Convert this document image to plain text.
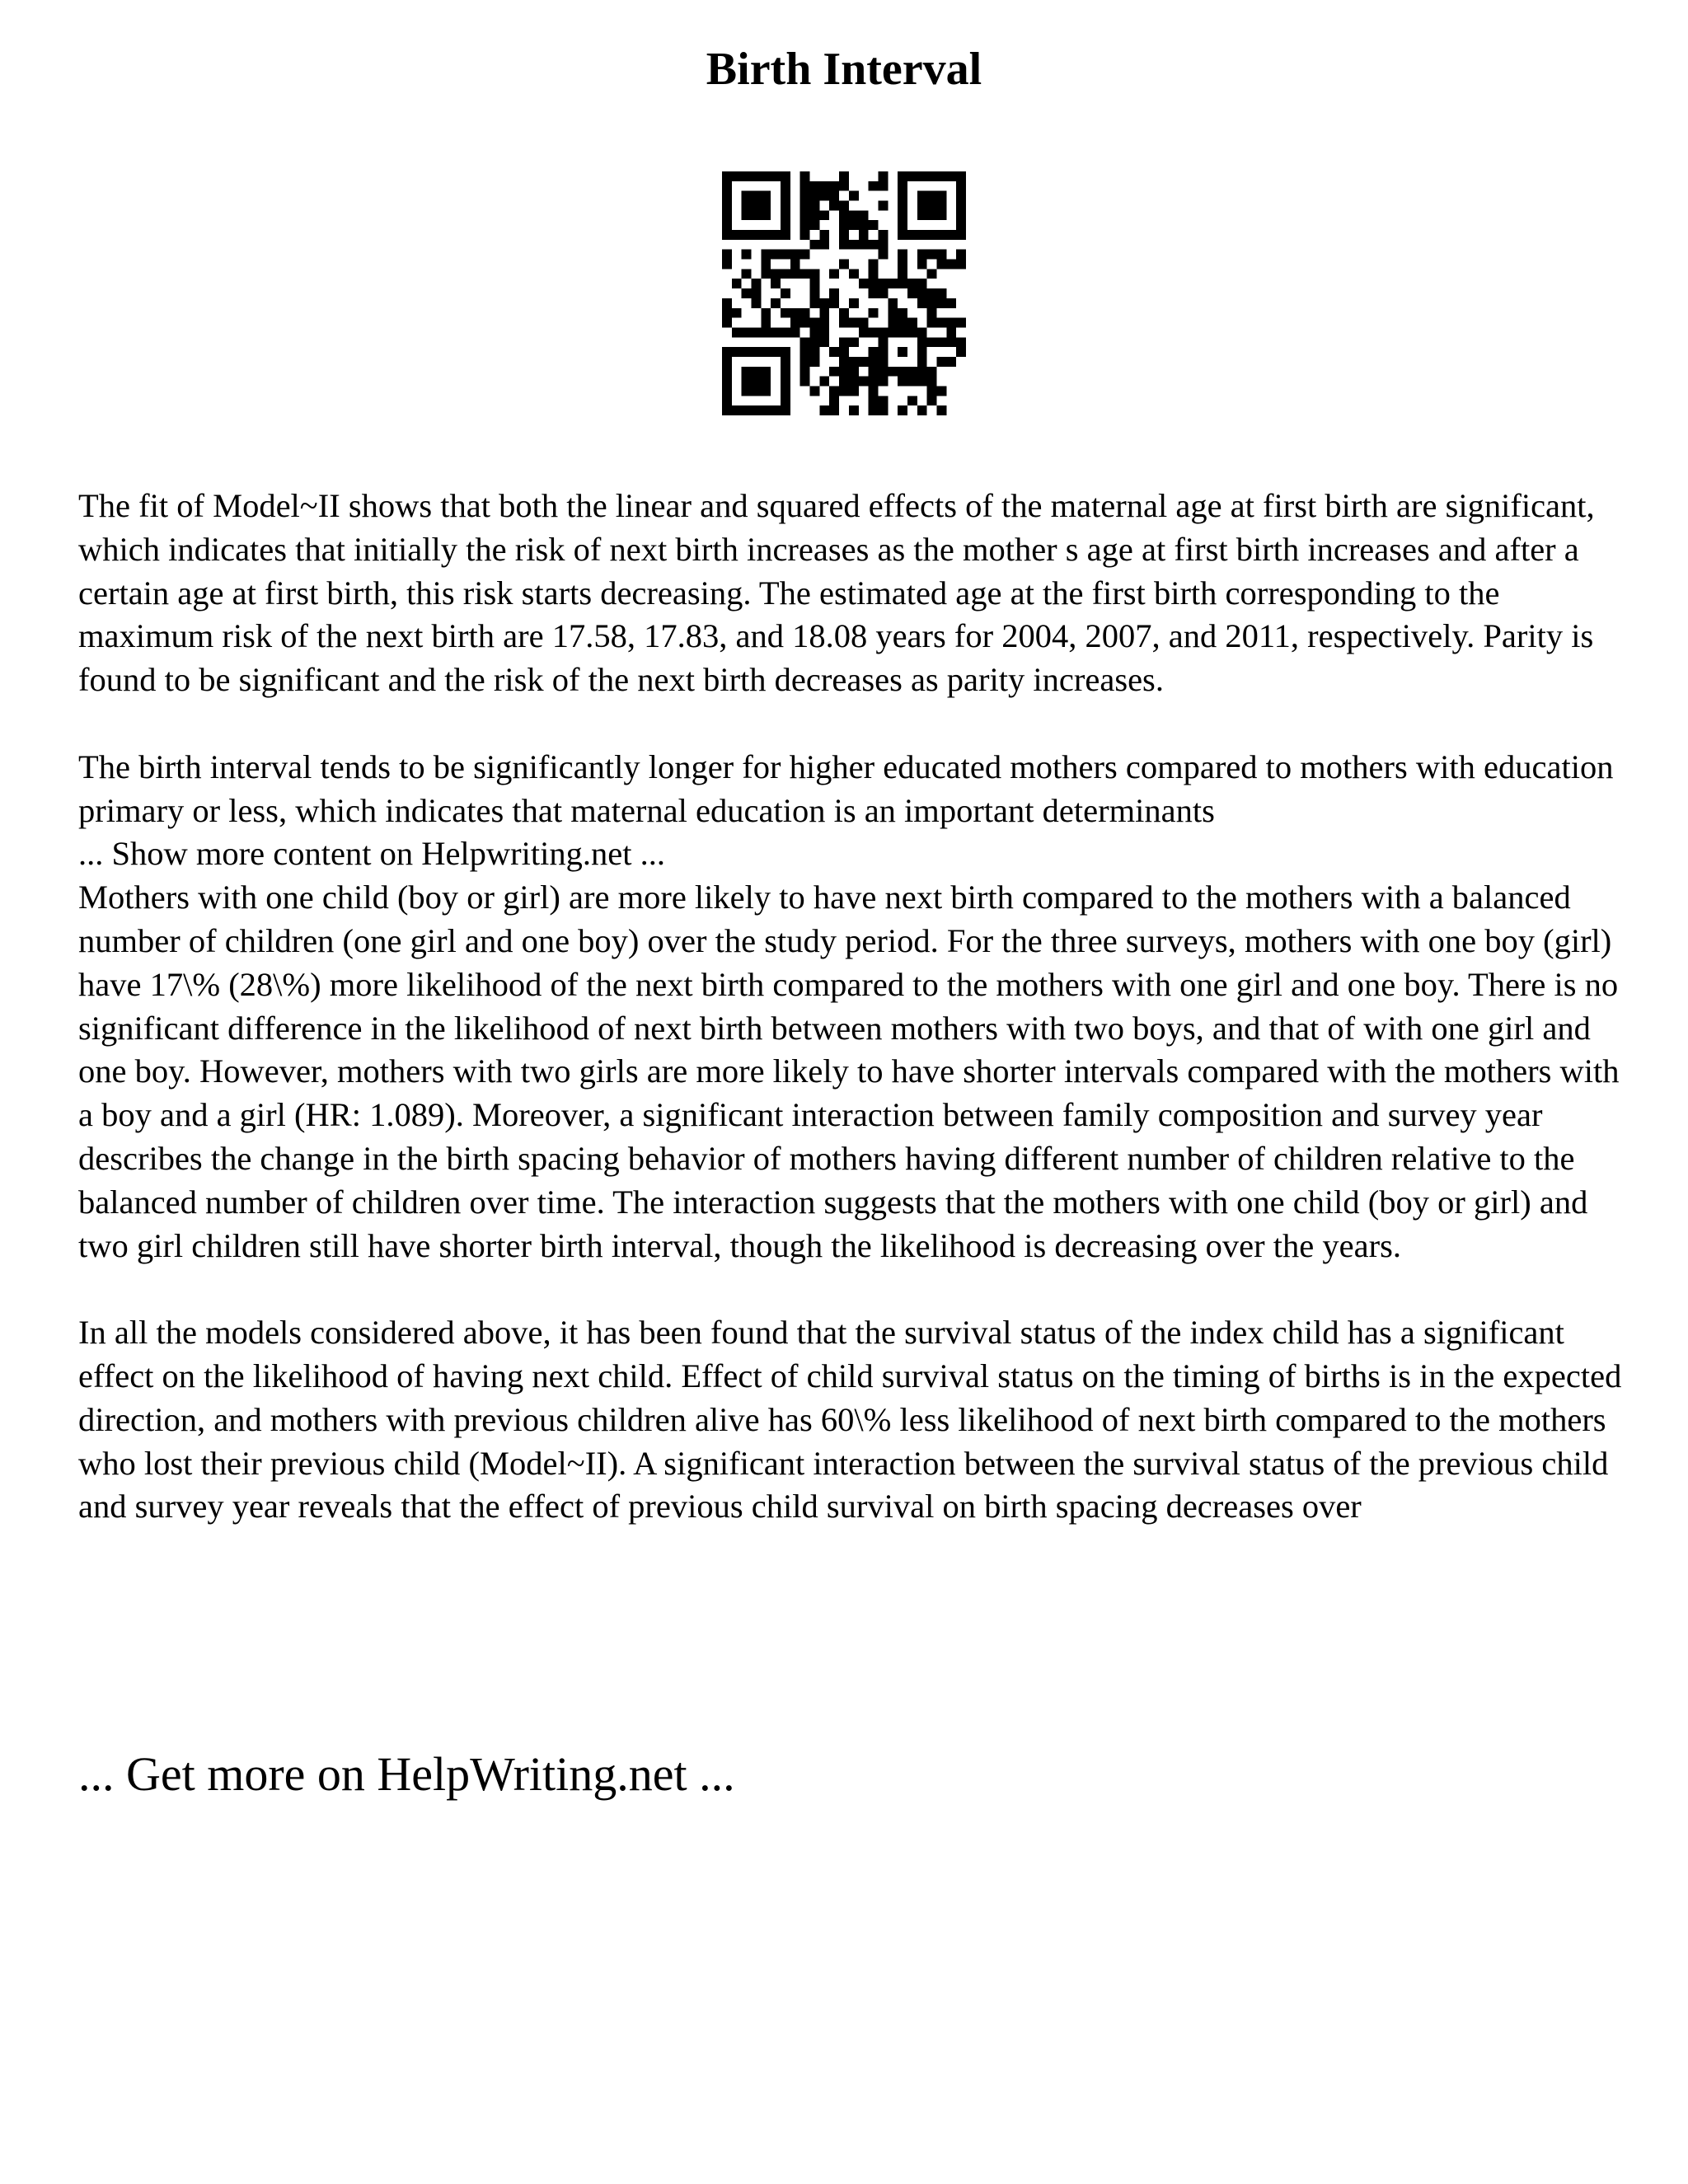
Birth Interval

The fit of Model~II shows that both the linear and squared effects of the maternal age at first birth are significant, which indicates that initially the risk of next birth increases as the mother s age at first birth increases and after a certain age at first birth, this risk starts decreasing. The estimated age at the first birth corresponding to the maximum risk of the next birth are 17.58, 17.83, and 18.08 years for 2004, 2007, and 2011, respectively. Parity is found to be significant and the risk of the next birth decreases as parity increases.

The birth interval tends to be significantly longer for higher educated mothers compared to mothers with education primary or less, which indicates that maternal education is an important determinants

... Show more content on Helpwriting.net ...

Mothers with one child (boy or girl) are more likely to have next birth compared to the mothers with a balanced number of children (one girl and one boy) over the study period. For the three surveys, mothers with one boy (girl) have 17\% (28\%) more likelihood of the next birth compared to the mothers with one girl and one boy. There is no significant difference in the likelihood of next birth between mothers with two boys, and that of with one girl and one boy. However, mothers with two girls are more likely to have shorter intervals compared with the mothers with a boy and a girl (HR: 1.089). Moreover, a significant interaction between family composition and survey year describes the change in the birth spacing behavior of mothers having different number of children relative to the balanced number of children over time. The interaction suggests that the mothers with one child (boy or girl) and two girl children still have shorter birth interval, though the likelihood is decreasing over the years.

In all the models considered above, it has been found that the survival status of the index child has a significant effect on the likelihood of having next child. Effect of child survival status on the timing of births is in the expected direction, and mothers with previous children alive has 60\% less likelihood of next birth compared to the mothers who lost their previous child (Model~II). A significant interaction between the survival status of the previous child and survey year reveals that the effect of previous child survival on birth spacing decreases over

... Get more on HelpWriting.net ...
